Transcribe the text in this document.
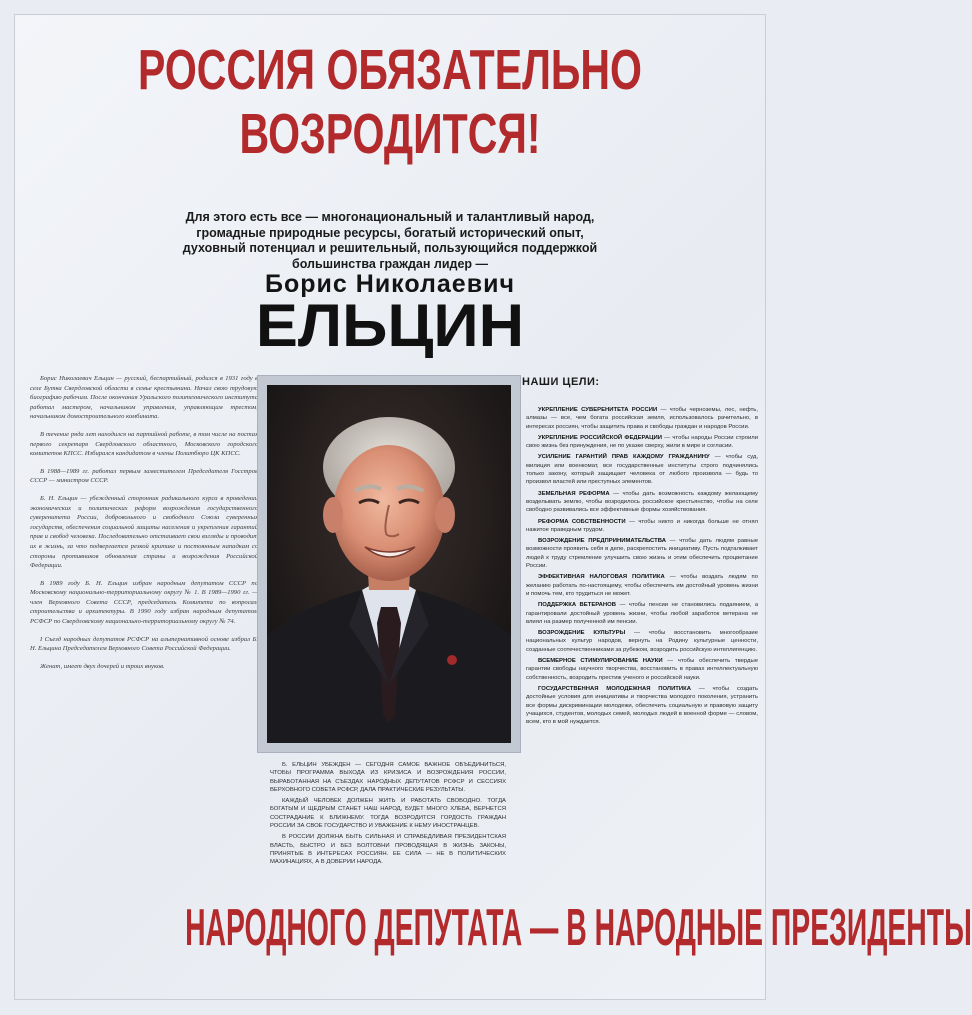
РОССИЯ ОБЯЗАТЕЛЬНО
ВОЗРОДИТСЯ!
Для этого есть все — многонациональный и талантливый народ, громадные природные ресурсы, богатый исторический опыт, духовный потенциал и решительный, пользующийся поддержкой большинства граждан лидер —
Борис Николаевич
ЕЛЬЦИН

Борис Николаевич Ельцин — русский, беспартийный, родился в 1931 году в селе Бутка Свердловской области в семье крестьянина. Начал свою трудовую биографию рабочим. После окончания Уральского политехнического института работал мастером, начальником управления, управляющим трестом, начальником домостроительного комбината.

В течение ряда лет находился на партийной работе, в том числе на постах первого секретаря Свердловского областного, Московского городского комитетов КПСС. Избирался кандидатом в члены Политбюро ЦК КПСС.

В 1988—1989 гг. работал первым заместителем Председателя Госстроя СССР — министром СССР.

Б. Н. Ельцин — убежденный сторонник радикального курса в проведении экономических и политических реформ возрождения государственного суверенитета России, добровольного и свободного Союза суверенных государств, обеспечения социальной защиты населения и укрепления гарантий прав и свобод человека. Последовательно отстаивает свои взгляды и проводит их в жизнь, за что подвергается резкой критике и постоянным нападкам со стороны противников обновления страны и возрождения Российской Федерации.

В 1989 году Б. Н. Ельцин избран народным депутатом СССР по Московскому национально-территориальному округу № 1. В 1989—1990 гг. — член Верховного Совета СССР, председатель Комитета по вопросам строительства и архитектуры. В 1990 году избран народным депутатом РСФСР по Свердловскому национально-территориальному округу № 74.

I Съезд народных депутатов РСФСР на альтернативной основе избрал Б. Н. Ельцина Председателем Верховного Совета Российской Федерации.

Женат, имеет двух дочерей и троих внуков.

НАШИ ЦЕЛИ:

УКРЕПЛЕНИЕ СУВЕРЕНИТЕТА РОССИИ — чтобы черноземы, лес, нефть, алмазы — все, чем богата российская земля, использовалось рачительно, в интересах россиян, чтобы защитить права и свободы граждан и народов России.

УКРЕПЛЕНИЕ РОССИЙСКОЙ ФЕДЕРАЦИИ — чтобы народы России строили свою жизнь без принуждения, не по указке сверху, жили в мире и согласии.

УСИЛЕНИЕ ГАРАНТИЙ ПРАВ КАЖДОМУ ГРАЖДАНИНУ — чтобы суд, милиция или военкомат, все государственные институты строго подчинялись только закону, который защищает человека от любого произвола — будь то произвол властей или преступных элементов.

ЗЕМЕЛЬНАЯ РЕФОРМА — чтобы дать возможность каждому желающему возделывать землю, чтобы возродилось российское крестьянство, чтобы на селе свободно развивались все эффективные формы хозяйствования.

РЕФОРМА СОБСТВЕННОСТИ — чтобы никто и никогда больше не отнял нажитое праведным трудом.

ВОЗРОЖДЕНИЕ ПРЕДПРИНИМАТЕЛЬСТВА — чтобы дать людям равные возможности проявить себя в деле, раскрепостить инициативу. Пусть подталкивает людей к труду стремление улучшить свою жизнь и этим обеспечить процветание России.

ЭФФЕКТИВНАЯ НАЛОГОВАЯ ПОЛИТИКА — чтобы воздать людям по желанию работать по-настоящему, чтобы обеспечить им достойный уровень жизни и помочь тем, кто трудиться не может.

ПОДДЕРЖКА ВЕТЕРАНОВ — чтобы пенсии не становились подаянием, а гарантировали достойный уровень жизни, чтобы любой заработок ветерана не влиял на размер полученной им пенсии.

ВОЗРОЖДЕНИЕ КУЛЬТУРЫ — чтобы восстановить многообразие национальных культур народов, вернуть на Родину культурные ценности, созданные соотечественниками за рубежом, возродить российскую интеллигенцию.

ВСЕМЕРНОЕ СТИМУЛИРОВАНИЕ НАУКИ — чтобы обеспечить твердые гарантии свободы научного творчества, восстановить в правах интеллектуальную собственность, возродить престиж ученого и российской науки.

ГОСУДАРСТВЕННАЯ МОЛОДЕЖНАЯ ПОЛИТИКА — чтобы создать достойные условия для инициативы и творчества молодого поколения, устранить все формы дискриминации молодежи, обеспечить социальную и правовую защиту учащихся, студентов, молодых семей, молодых людей в военной форме — словом, всем, кто в мой нуждается.

Б. ЕЛЬЦИН УБЕЖДЕН — СЕГОДНЯ САМОЕ ВАЖНОЕ ОБЪЕДИНИТЬСЯ, ЧТОБЫ ПРОГРАММА ВЫХОДА ИЗ КРИЗИСА И ВОЗРОЖДЕНИЯ РОССИИ, ВЫРАБОТАННАЯ НА СЪЕЗДАХ НАРОДНЫХ ДЕПУТАТОВ РСФСР И СЕССИЯХ ВЕРХОВНОГО СОВЕТА РСФСР, ДАЛА ПРАКТИЧЕСКИЕ РЕЗУЛЬТАТЫ.

КАЖДЫЙ ЧЕЛОВЕК ДОЛЖЕН ЖИТЬ И РАБОТАТЬ СВОБОДНО. ТОГДА БОГАТЫМ И ЩЕДРЫМ СТАНЕТ НАШ НАРОД, БУДЕТ МНОГО ХЛЕБА, ВЕРНЕТСЯ СОСТРАДАНИЕ К БЛИЖНЕМУ. ТОГДА ВОЗРОДИТСЯ ГОРДОСТЬ ГРАЖДАН РОССИИ ЗА СВОЕ ГОСУДАРСТВО И УВАЖЕНИЕ К НЕМУ ИНОСТРАНЦЕВ.

В РОССИИ ДОЛЖНА БЫТЬ СИЛЬНАЯ И СПРАВЕДЛИВАЯ ПРЕЗИДЕНТСКАЯ ВЛАСТЬ, БЫСТРО И БЕЗ БОЛТОВНИ ПРОВОДЯЩАЯ В ЖИЗНЬ ЗАКОНЫ, ПРИНЯТЫЕ В ИНТЕРЕСАХ РОССИЯН. ЕЕ СИЛА — НЕ В ПОЛИТИЧЕСКИХ МАХИНАЦИЯХ, А В ДОВЕРИИ НАРОДА.

НАРОДНОГО ДЕПУТАТА — В НАРОДНЫЕ ПРЕЗИДЕНТЫ
